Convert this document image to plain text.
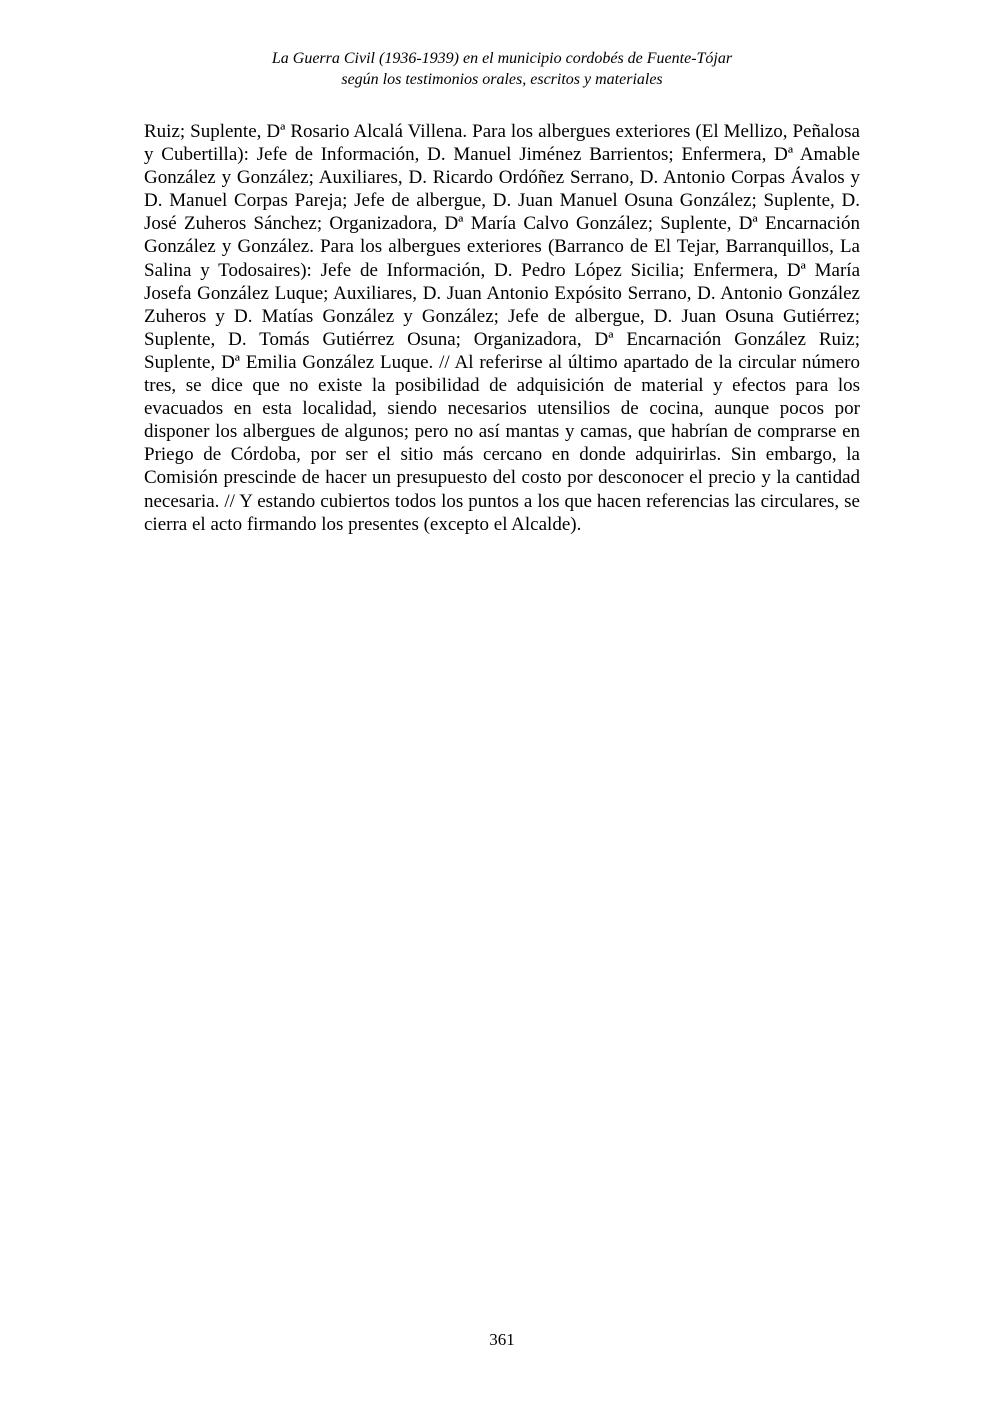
La Guerra Civil (1936-1939) en el municipio cordobés de Fuente-Tójar
según los testimonios orales, escritos y materiales

Ruiz; Suplente, Dª Rosario Alcalá Villena. Para los albergues exteriores (El Mellizo, Peñalosa y Cubertilla): Jefe de Información, D. Manuel Jiménez Barrientos; Enfermera, Dª Amable González y González; Auxiliares, D. Ricardo Ordóñez Serrano, D. Antonio Corpas Ávalos y D. Manuel Corpas Pareja; Jefe de albergue, D. Juan Manuel Osuna González; Suplente, D. José Zuheros Sánchez; Organizadora, Dª María Calvo González; Suplente, Dª Encarnación González y González. Para los albergues exteriores (Barranco de El Tejar, Barranquillos, La Salina y Todosaires): Jefe de Información, D. Pedro López Sicilia; Enfermera, Dª María Josefa González Luque; Auxiliares, D. Juan Antonio Expósito Serrano, D. Antonio González Zuheros y D. Matías González y González; Jefe de albergue, D. Juan Osuna Gutiérrez; Suplente, D. Tomás Gutiérrez Osuna; Organizadora, Dª Encarnación González Ruiz; Suplente, Dª Emilia González Luque. // Al referirse al último apartado de la circular número tres, se dice que no existe la posibilidad de adquisición de material y efectos para los evacuados en esta localidad, siendo necesarios utensilios de cocina, aunque pocos por disponer los albergues de algunos; pero no así mantas y camas, que habrían de comprarse en Priego de Córdoba, por ser el sitio más cercano en donde adquirirlas. Sin embargo, la Comisión prescinde de hacer un presupuesto del costo por desconocer el precio y la cantidad necesaria. // Y estando cubiertos todos los puntos a los que hacen referencias las circulares, se cierra el acto firmando los presentes (excepto el Alcalde).

361
